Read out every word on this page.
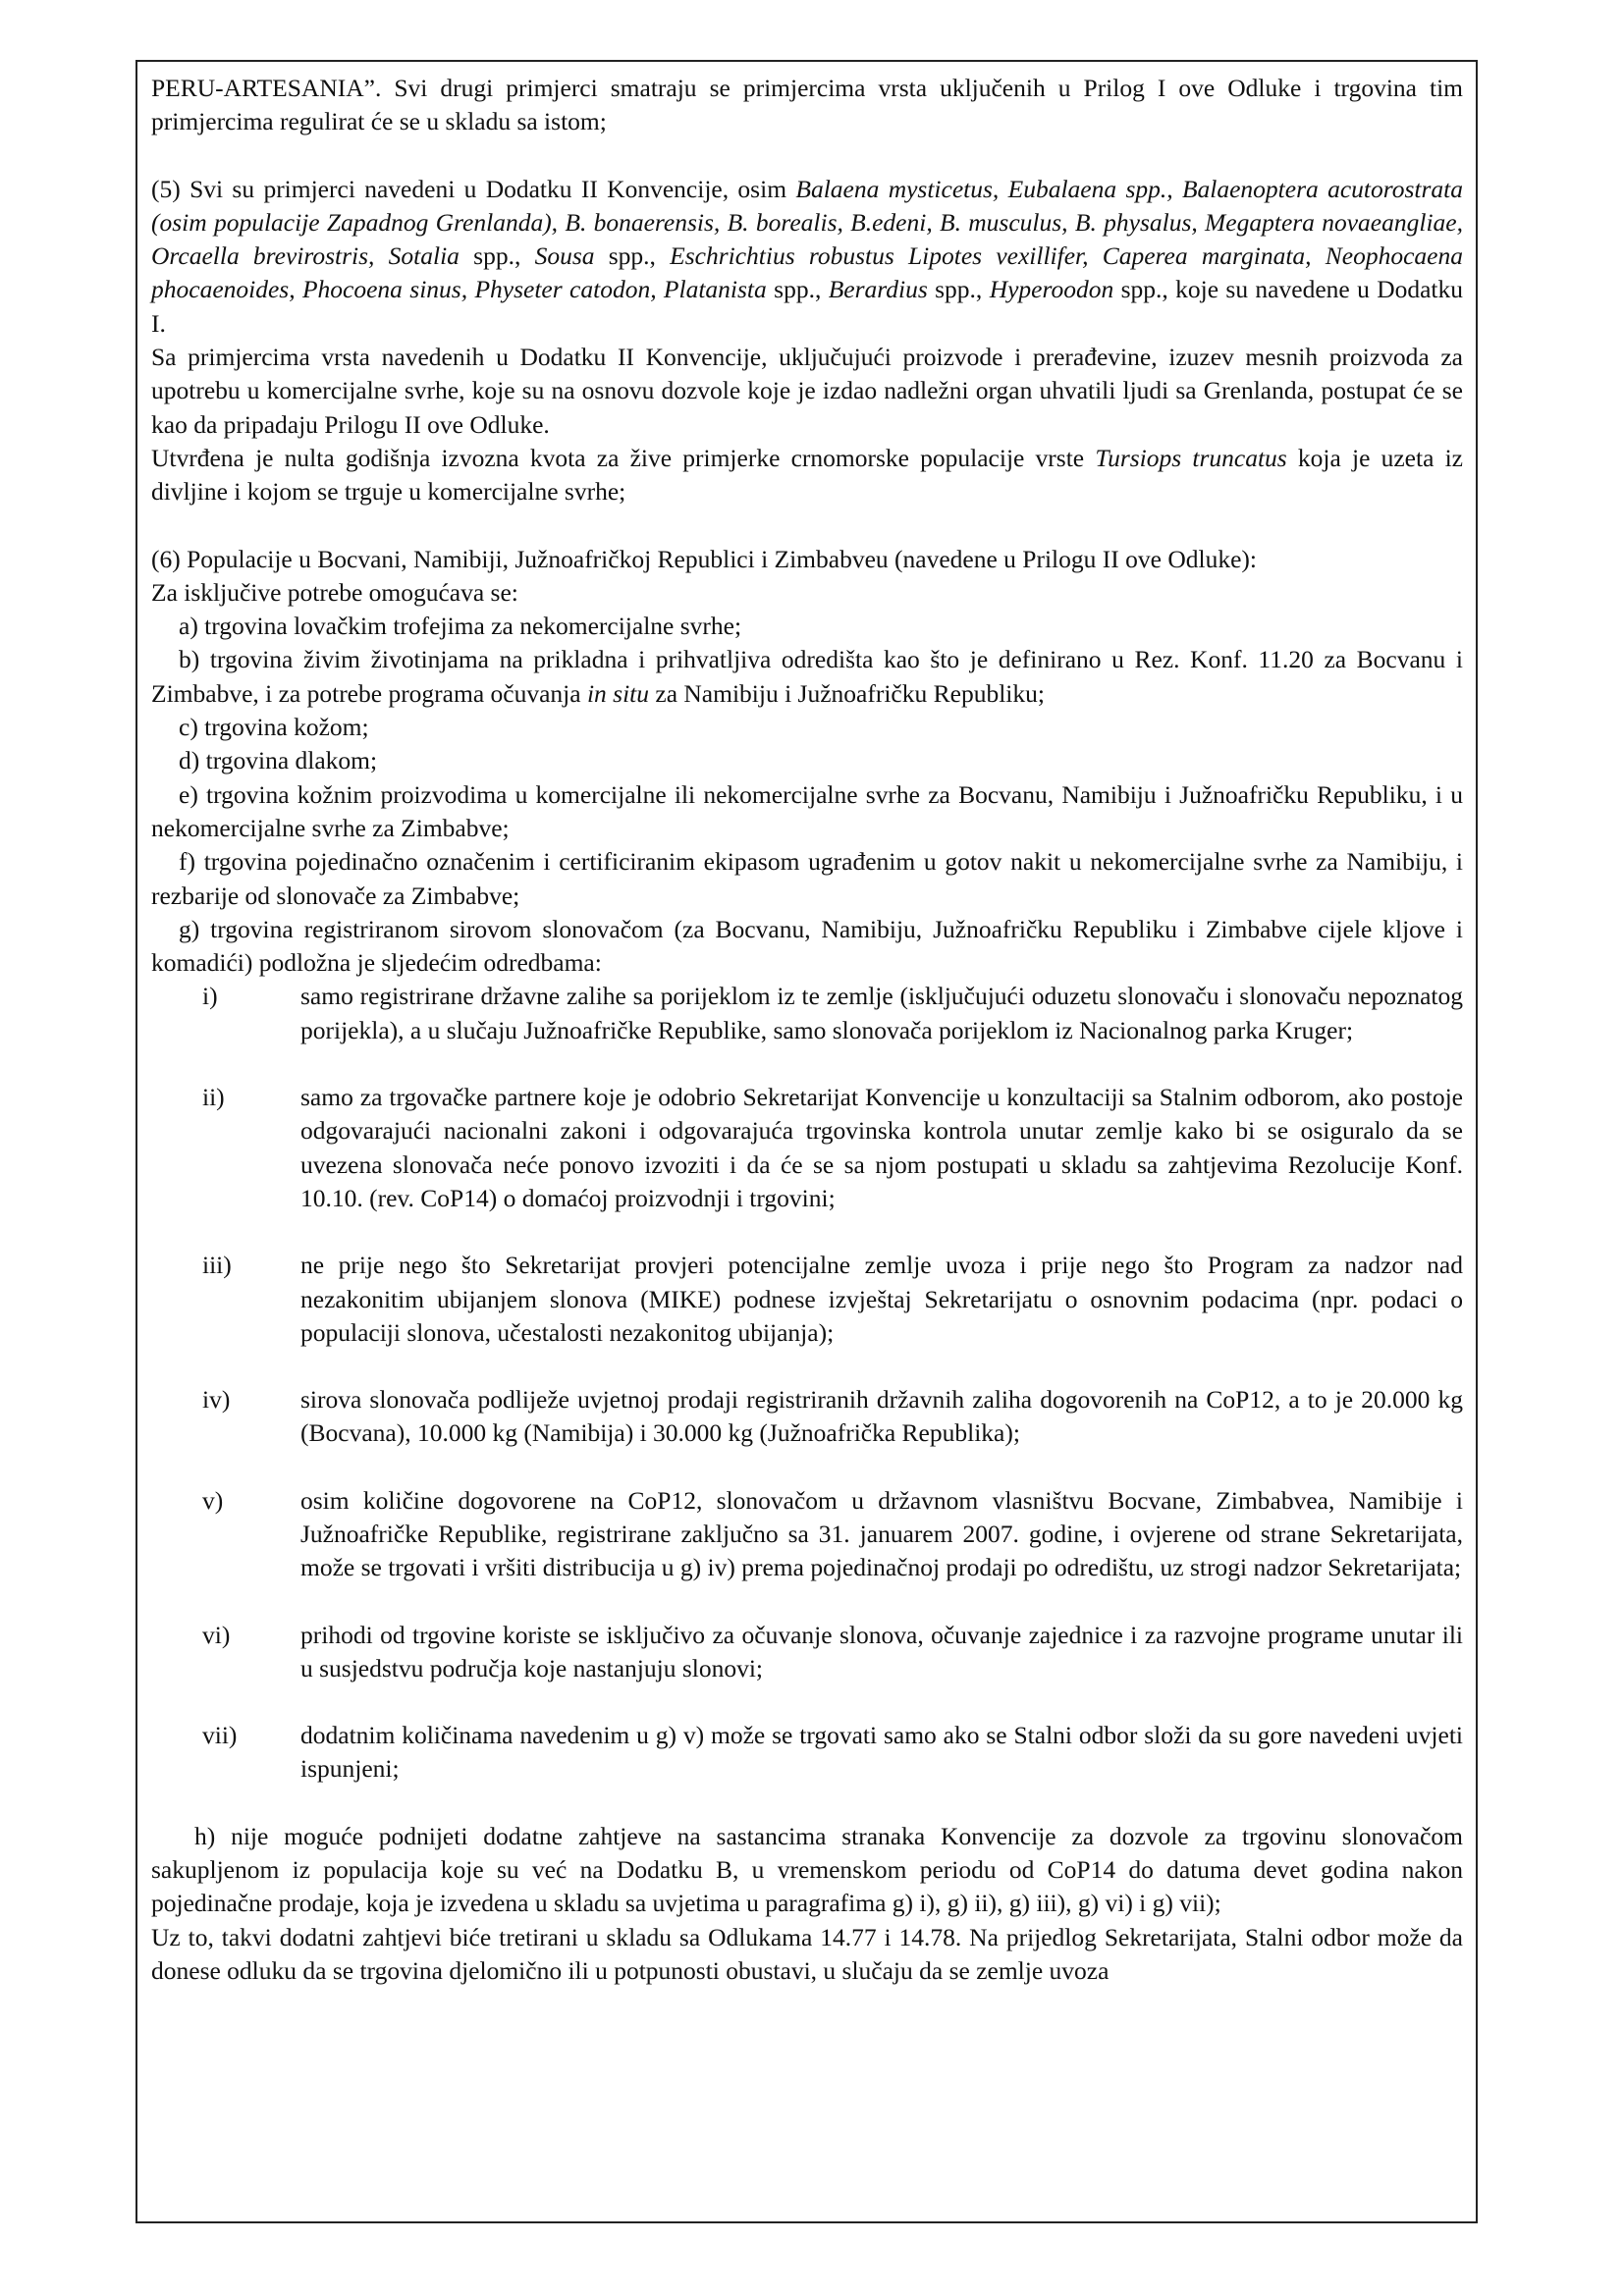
PERU-ARTESANIA”. Svi drugi primjerci smatraju se primjercima vrsta uključenih u Prilog I ove Odluke i trgovina tim primjercima regulirat će se u skladu sa istom;

(5) Svi su primjerci navedeni u Dodatku II Konvencije, osim Balaena mysticetus, Eubalaena spp., Balaenoptera acutorostrata (osim populacije Zapadnog Grenlanda), B. bonaerensis, B. borealis, B.edeni, B. musculus, B. physalus, Megaptera novaeangliae, Orcaella brevirostris, Sotalia spp., Sousa spp., Eschrichtius robustus Lipotes vexillifer, Caperea marginata, Neophocaena phocaenoides, Phocoena sinus, Physeter catodon, Platanista spp., Berardius spp., Hyperoodon spp., koje su navedene u Dodatku I.

Sa primjercima vrsta navedenih u Dodatku II Konvencije, uključujući proizvode i prerađevine, izuzev mesnih proizvoda za upotrebu u komercijalne svrhe, koje su na osnovu dozvole koje je izdao nadležni organ uhvatili ljudi sa Grenlanda, postupat će se kao da pripadaju Prilogu II ove Odluke.

Utvrđena je nulta godišnja izvozna kvota za žive primjerke crnomorske populacije vrste Tursiops truncatus koja je uzeta iz divljine i kojom se trguje u komercijalne svrhe;

(6) Populacije u Bocvani, Namibiji, Južnoafričkoj Republici i Zimbabveu (navedene u Prilogu II ove Odluke):

Za isključive potrebe omogućava se:

a) trgovina lovačkim trofejima za nekomercijalne svrhe;

b) trgovina živim životinjama na prikladna i prihvatljiva odredišta kao što je definirano u Rez. Konf. 11.20 za Bocvanu i Zimbabve, i za potrebe programa očuvanja in situ za Namibiju i Južnoafričku Republiku;

c) trgovina kožom;

d) trgovina dlakom;

e) trgovina kožnim proizvodima u komercijalne ili nekomercijalne svrhe za Bocvanu, Namibiju i Južnoafričku Republiku, i u nekomercijalne svrhe za Zimbabve;

f) trgovina pojedinačno označenim i certificiranim ekipasom ugrađenim u gotov nakit u nekomercijalne svrhe za Namibiju, i rezbarije od slonovače za Zimbabve;

g) trgovina registriranom sirovom slonovačom (za Bocvanu, Namibiju, Južnoafričku Republiku i Zimbabve cijele kljove i komadići) podložna je sljedećim odredbama:

i)	samo registrirane državne zalihe sa porijeklom iz te zemlje (isključujući oduzetu slonovaču i slonovaču nepoznatog porijekla), a u slučaju Južnoafričke Republike, samo slonovača porijeklom iz Nacionalnog parka Kruger;
ii)	samo za trgovačke partnere koje je odobrio Sekretarijat Konvencije u konzultaciji sa Stalnim odborom, ako postoje odgovarajući nacionalni zakoni i odgovarajuća trgovinska kontrola unutar zemlje kako bi se osiguralo da se uvezena slonovača neće ponovo izvoziti i da će se sa njom postupati u skladu sa zahtjevima Rezolucije Konf. 10.10. (rev. CoP14) o domaćoj proizvodnji i trgovini;
iii)	ne prije nego što Sekretarijat provjeri potencijalne zemlje uvoza i prije nego što Program za nadzor nad nezakonitim ubijanjem slonova (MIKE) podnese izvještaj Sekretarijatu o osnovnim podacima (npr. podaci o populaciji slonova, učestalosti nezakonitog ubijanja);
iv)	sirova slonovača podliježe uvjetnoj prodaji registriranih državnih zaliha dogovorenih na CoP12, a to je 20.000 kg (Bocvana), 10.000 kg (Namibija) i 30.000 kg (Južnoafrička Republika);
v)	osim količine dogovorene na CoP12, slonovačom u državnom vlasništvu Bocvane, Zimbabvea, Namibije i Južnoafričke Republike, registrirane zaključno sa 31. januarem 2007. godine, i ovjerene od strane Sekretarijata, može se trgovati i vršiti distribucija u g) iv) prema pojedinačnoj prodaji po odredištu, uz strogi nadzor Sekretarijata;
vi)	prihodi od trgovine koriste se isključivo za očuvanje slonova, očuvanje zajednice i za razvojne programe unutar ili u susjedstvu područja koje nastanjuju slonovi;
vii)	dodatnim količinama navedenim u g) v) može se trgovati samo ako se Stalni odbor složi da su gore navedeni uvjeti ispunjeni;

h) nije moguće podnijeti dodatne zahtjeve na sastancima stranaka Konvencije za dozvole za trgovinu slonovačom sakupljenom iz populacija koje su već na Dodatku B, u vremenskom periodu od CoP14 do datuma devet godina nakon pojedinačne prodaje, koja je izvedena u skladu sa uvjetima u paragrafima g) i), g) ii), g) iii), g) vi) i g) vii);

Uz to, takvi dodatni zahtjevi biće tretirani u skladu sa Odlukama 14.77 i 14.78. Na prijedlog Sekretarijata, Stalni odbor može da donese odluku da se trgovina djelomično ili u potpunosti obustavi, u slučaju da se zemlje uvoza
